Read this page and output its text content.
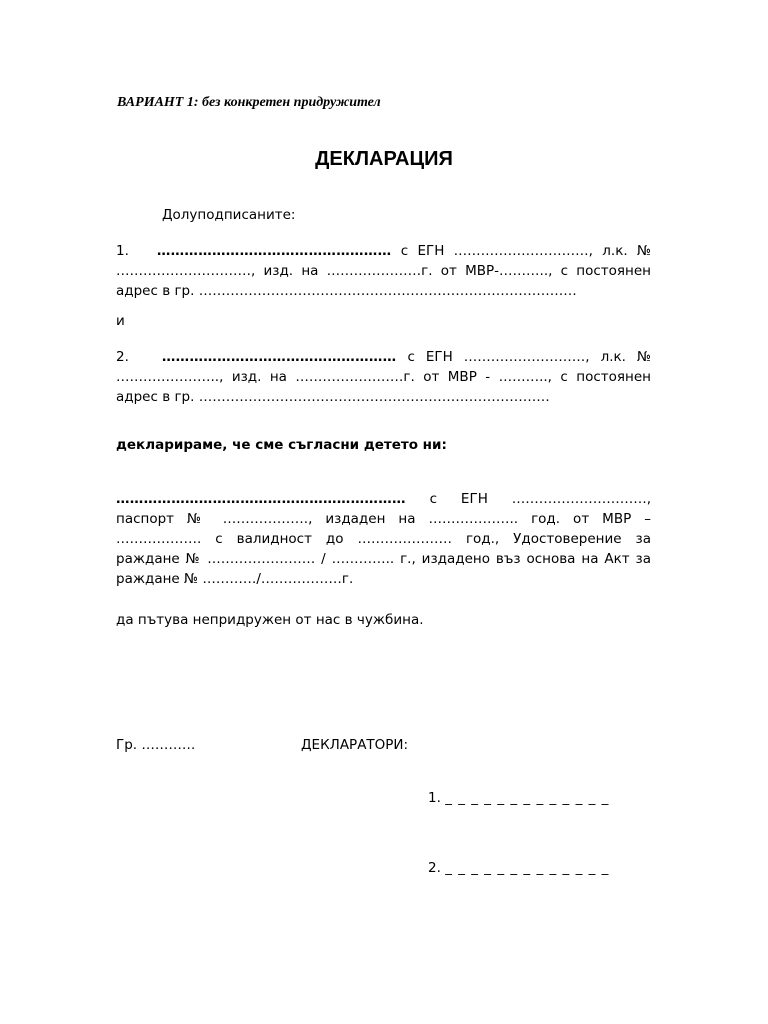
ВАРИАНТ 1: без конкретен придружител
ДЕКЛАРАЦИЯ
Долуподписаните:
1. …………………………………………… с ЕГН …………………………, л.к. № …………………………, изд. на …………………г. от МВР-……….., с постоянен адрес в гр. …………………………………………………………………………
и
2. …………………………………………… с ЕГН ………………………, л.к. № ………………….., изд. на ……………………г. от МВР - ……….., с постоянен адрес в гр. ……………………………………………………………………
декларираме, че сме съгласни детето ни:
……………………………………………………… с ЕГН …………………………, паспорт № ………………., издаден на ……………….. год. от МВР – ………………. с валидност до ………………… год., Удостоверение за раждане № …………………… / ………….. г., издадено въз основа на Акт за раждане № …………/………………г.
да пътува непридружен от нас в чужбина.
Гр. …………	ДЕКЛАРАТОРИ:
1. _ _ _ _ _ _ _ _ _ _ _ _ _
2. _ _ _ _ _ _ _ _ _ _ _ _ _
